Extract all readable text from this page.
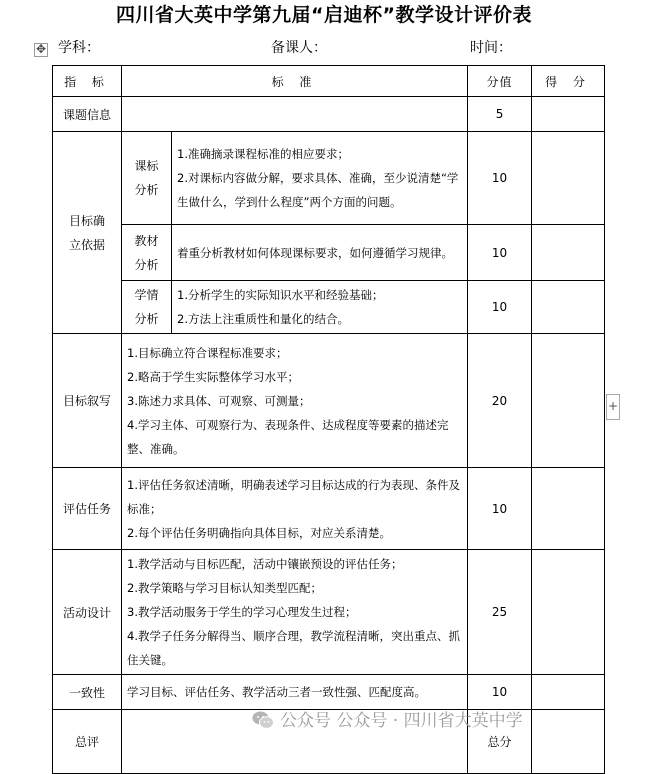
四川省大英中学第九届“启迪杯”教学设计评价表
✥ 学科：	备课人：	时间：
指 标	标 准		分值	得 分
课题信息			5	

目标确立依据	课标分析	1.准确摘录课程标准的相应要求；
2.对课标内容做分解，要求具体、准确，至少说清楚“学生做什么，学到什么程度”两个方面的问题。	10	

	教材分析	着重分析教材如何体现课标要求，如何遵循学习规律。	10	

	学情分析	1.分析学生的实际知识水平和经验基础；
2.方法上注重质性和量化的结合。	10	
目标叙写	1.目标确立符合课程标准要求；
2.略高于学生实际整体学习水平；
3.陈述力求具体、可观察、可测量；
4.学习主体、可观察行为、表现条件、达成程度等要素的描述完整、准确。		20	
评估任务	1.评估任务叙述清晰，明确表述学习目标达成的行为表现、条件及标准；
2.每个评估任务明确指向具体目标，对应关系清楚。		10	
活动设计	1.教学活动与目标匹配，活动中镶嵌预设的评估任务；
2.教学策略与学习目标认知类型匹配；
3.教学活动服务于学生的学习心理发生过程；
4.教学子任务分解得当、顺序合理，教学流程清晰，突出重点、抓住关键。		25	
一致性	学习目标、评估任务、教学活动三者一致性强、匹配度高。		10	
总评			总分	
+
公众号 公众号 · 四川省大英中学
